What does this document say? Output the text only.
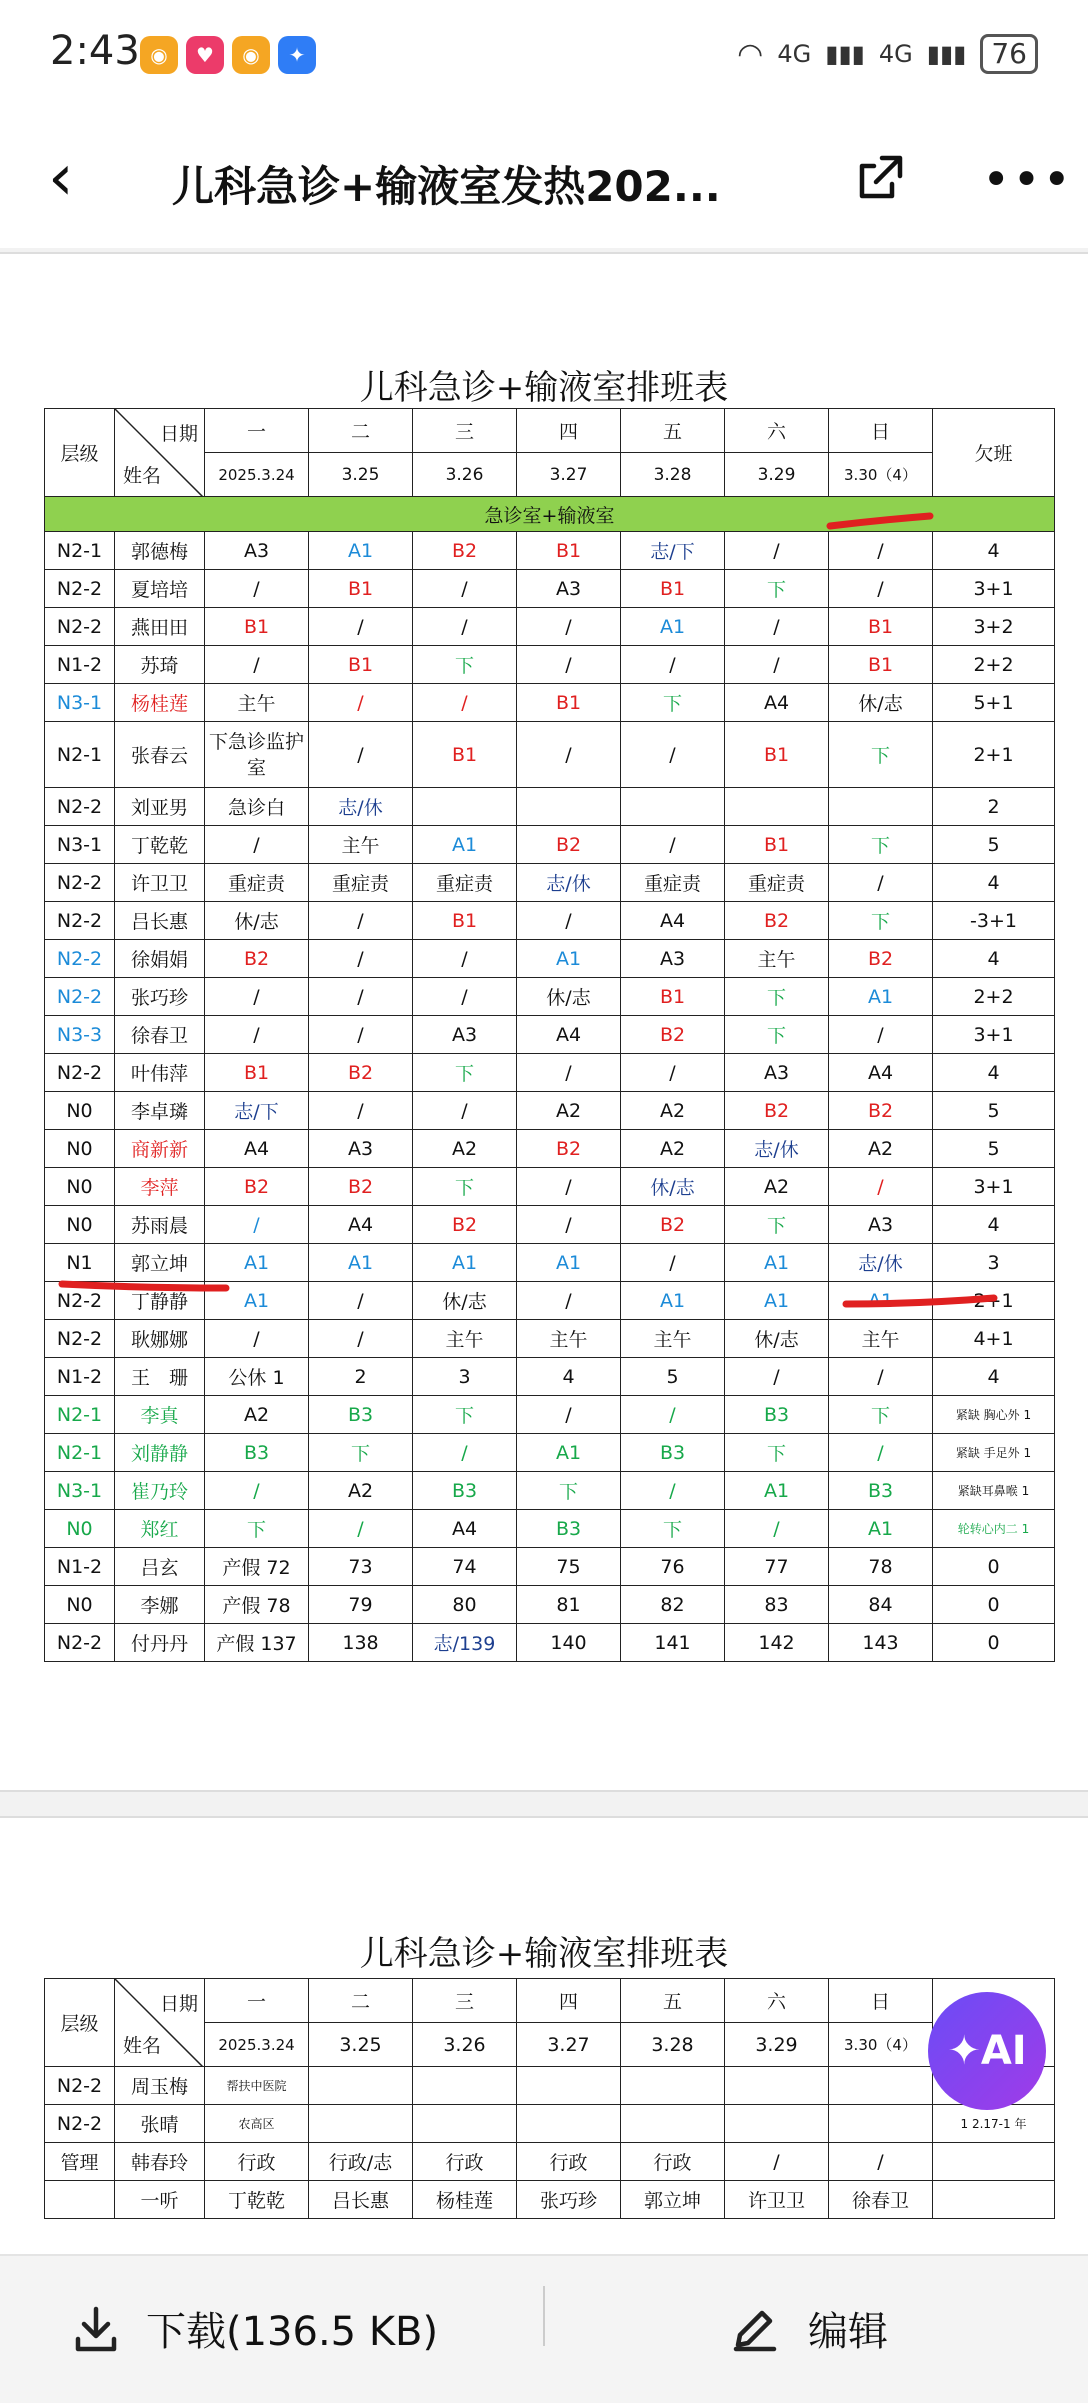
2:43 ◉	♥	◉	✦	◠ 4G ▮▮▮ 4G ▮▮▮ 76
‹ 儿科急诊+输液室发热202...	•••
儿科急诊+输液室排班表
层级	日期
姓名	一	二	三	四	五	六	日	欠班
		2025.3.24	3.25	3.26	3.27	3.28	3.29	3.30（4）	
急诊室+输液室									
N2-1	郭德梅	A3	A1	B2	B1	志/下	/	/	4
N2-2	夏培培	/	B1	/	A3	B1	下	/	3+1
N2-2	燕田田	B1	/	/	/	A1	/	B1	3+2
N1-2	苏琦	/	B1	下	/	/	/	B1	2+2
N3-1	杨桂莲	主午	/	/	B1	下	A4	休/志	5+1
N2-1	张春云	下急诊监护室	/	B1	/	/	B1	下	2+1
N2-2	刘亚男	急诊白	志/休						2
N3-1	丁乾乾	/	主午	A1	B2	/	B1	下	5
N2-2	许卫卫	重症责	重症责	重症责	志/休	重症责	重症责	/	4
N2-2	吕长惠	休/志	/	B1	/	A4	B2	下	-3+1
N2-2	徐娟娟	B2	/	/	A1	A3	主午	B2	4
N2-2	张巧珍	/	/	/	休/志	B1	下	A1	2+2
N3-3	徐春卫	/	/	A3	A4	B2	下	/	3+1
N2-2	叶伟萍	B1	B2	下	/	/	A3	A4	4
N0	李卓璘	志/下	/	/	A2	A2	B2	B2	5
N0	商新新	A4	A3	A2	B2	A2	志/休	A2	5
N0	李萍	B2	B2	下	/	休/志	A2	/	3+1
N0	苏雨晨	/	A4	B2	/	B2	下	A3	4
N1	郭立坤	A1	A1	A1	A1	/	A1	志/休	3
N2-2	丁静静	A1	/	休/志	/	A1	A1	A1	2+1
N2-2	耿娜娜	/	/	主午	主午	主午	休/志	主午	4+1
N1-2	王　珊	公休 1	2	3	4	5	/	/	4
N2-1	李真	A2	B3	下	/	/	B3	下	紧缺 胸心外 1
N2-1	刘静静	B3	下	/	A1	B3	下	/	紧缺 手足外 1
N3-1	崔乃玲	/	A2	B3	下	/	A1	B3	紧缺耳鼻喉 1
N0	郑红	下	/	A4	B3	下	/	A1	轮转心内二 1
N1-2	吕玄	产假 72	73	74	75	76	77	78	0
N0	李娜	产假 78	79	80	81	82	83	84	0
N2-2	付丹丹	产假 137	138	志/139	140	141	142	143	0
儿科急诊+输液室排班表
层级	日期
姓名	一	二	三	四	五	六	日	
		2025.3.24	3.25	3.26	3.27	3.28	3.29	3.30（4）	
N2-2	周玉梅	帮扶中医院							
N2-2	张晴	农高区							1 2.17-1 年
管理	韩春玲	行政	行政/志	行政	行政	行政	/	/	
	一听	丁乾乾	吕长惠	杨桂莲	张巧珍	郭立坤	许卫卫	徐春卫	
✦ AI
下载(136.5 KB)	编辑
